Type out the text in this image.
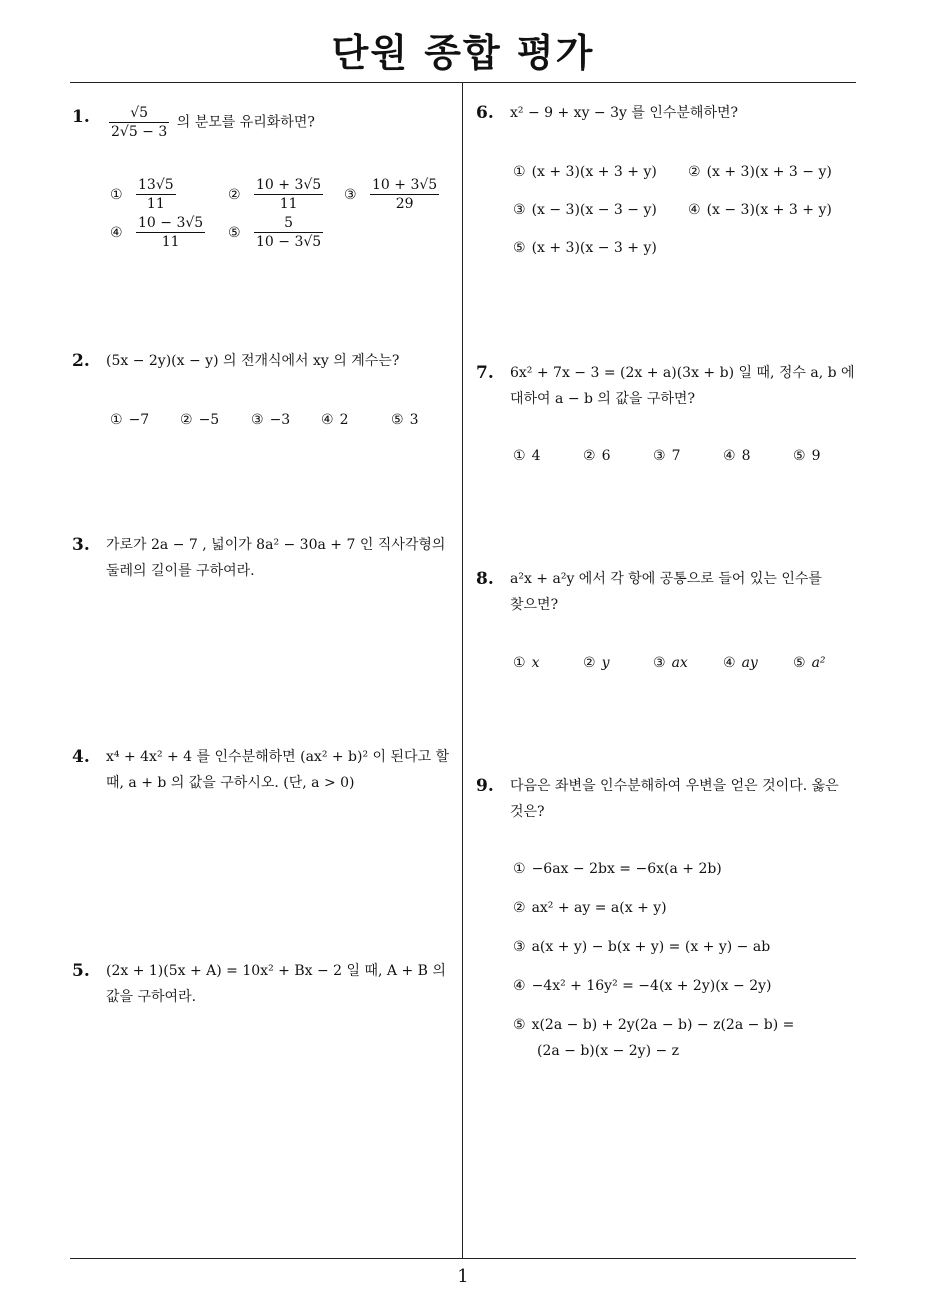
단원 종합 평가
1
1. $\frac{√5}{2√5 - 3}$ 의 분모를 유리화하면?
① $\frac{13√5}{11}$	② $\frac{10 + 3√5}{11}$ ③ $\frac{10 + 3√5}{29}$
④ $\frac{10 - 3√5}{11}$ ⑤ $\frac{5}{10 - 3√5}$
2. (5x − 2y)(x − y) 의 전개식에서 xy 의 계수는?
① −7 ② −5 ③ −3 ④ 2	⑤ 3
3. 가로가 2a − 7 , 넓이가 8a² − 30a + 7 인 직사각형의
둘레의 길이를 구하여라.
4. x⁴ + 4x² + 4 를 인수분해하면 (ax² + b)² 이 된다고 할
때, a + b 의 값을 구하시오. (단, a > 0)
5. (2x + 1)(5x + A) = 10x² + Bx − 2 일 때, A + B 의
값을 구하여라.
6. x² − 9 + xy − 3y 를 인수분해하면?
① (x + 3)(x + 3 + y) ② (x + 3)(x + 3 − y)
③ (x − 3)(x − 3 − y) ④ (x − 3)(x + 3 + y)
⑤ (x + 3)(x − 3 + y)
7. 6x² + 7x − 3 = (2x + a)(3x + b) 일 때, 정수 a, b 에
대하여 a − b 의 값을 구하면?
① 4	② 6	③ 7	④ 8	⑤ 9
8. a²x + a²y 에서 각 항에 공통으로 들어 있는 인수를
찾으면?
① x	② y	③ ax	④ ay	⑤ a²
9. 다음은 좌변을 인수분해하여 우변을 얻은 것이다. 옳은
것은?
① −6ax − 2bx = −6x(a + 2b)
② ax² + ay = a(x + y)
③ a(x + y) − b(x + y) = (x + y) − ab
④ −4x² + 16y² = −4(x + 2y)(x − 2y)
⑤ x(2a − b) + 2y(2a − b) − z(2a − b) =
(2a − b)(x − 2y) − z
